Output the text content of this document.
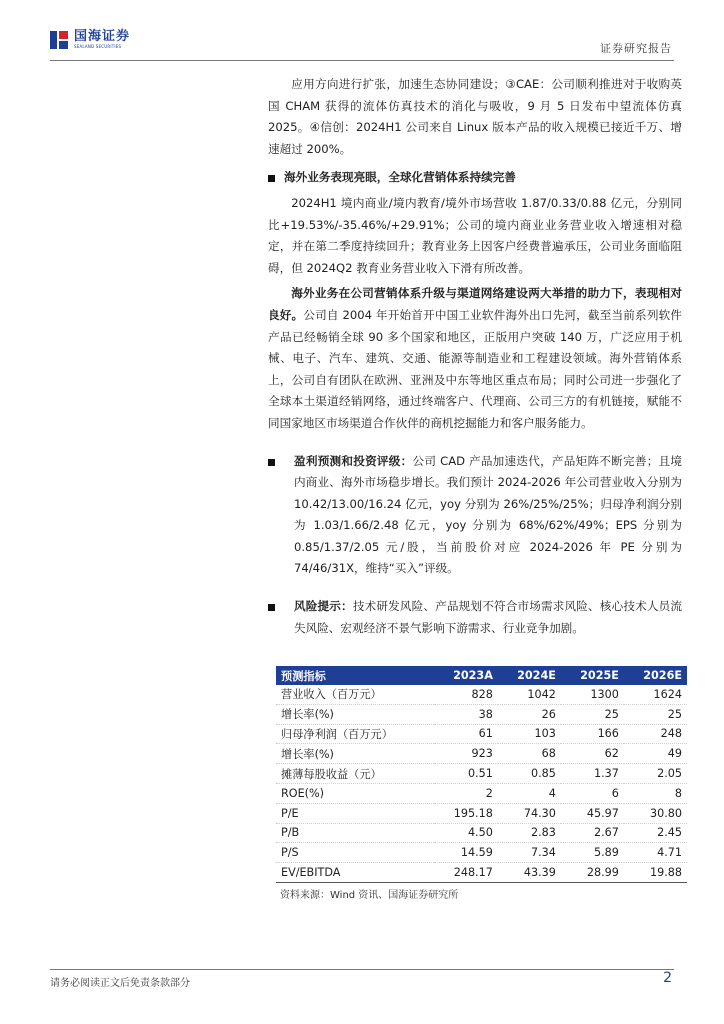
国海证券
SEALAND SECURITIES	证券研究报告

应用方向进行扩张，加速生态协同建设；③CAE：公司顺利推进对于收购英国 CHAM 获得的流体仿真技术的消化与吸收，9 月 5 日发布中望流体仿真 2025。④信创：2024H1 公司来自 Linux 版本产品的收入规模已接近千万、增速超过 200%。

海外业务表现亮眼，全球化营销体系持续完善

2024H1 境内商业/境内教育/境外市场营收 1.87/0.33/0.88 亿元，分别同比+19.53%/-35.46%/+29.91%；公司的境内商业业务营业收入增速相对稳定，并在第二季度持续回升；教育业务上因客户经费普遍承压，公司业务面临阻碍，但 2024Q2 教育业务营业收入下滑有所改善。

海外业务在公司营销体系升级与渠道网络建设两大举措的助力下，表现相对良好。公司自 2004 年开始首开中国工业软件海外出口先河，截至当前系列软件产品已经畅销全球 90 多个国家和地区，正版用户突破 140 万，广泛应用于机械、电子、汽车、建筑、交通、能源等制造业和工程建设领域。海外营销体系上，公司自有团队在欧洲、亚洲及中东等地区重点布局；同时公司进一步强化了全球本土渠道经销网络，通过终端客户、代理商、公司三方的有机链接，赋能不同国家地区市场渠道合作伙伴的商机挖掘能力和客户服务能力。

盈利预测和投资评级：公司 CAD 产品加速迭代，产品矩阵不断完善；且境内商业、海外市场稳步增长。我们预计 2024-2026 年公司营业收入分别为 10.42/13.00/16.24 亿元，yoy 分别为 26%/25%/25%；归母净利润分别为 1.03/1.66/2.48 亿元，yoy 分别为 68%/62%/49%；EPS 分别为 0.85/1.37/2.05 元/股，当前股价对应 2024-2026 年 PE 分别为 74/46/31X，维持“买入”评级。

风险提示：技术研发风险、产品规划不符合市场需求风险、核心技术人员流失风险、宏观经济不景气影响下游需求、行业竞争加剧。

预测指标	2023A	2024E	2025E	2026E
营业收入（百万元）	828	1042	1300	1624
增长率(%)	38	26	25	25
归母净利润（百万元）	61	103	166	248
增长率(%)	923	68	62	49
摊薄每股收益（元）	0.51	0.85	1.37	2.05
ROE(%)	2	4	6	8
P/E	195.18	74.30	45.97	30.80
P/B	4.50	2.83	2.67	2.45
P/S	14.59	7.34	5.89	4.71
EV/EBITDA	248.17	43.39	28.99	19.88
资料来源：Wind 资讯、国海证券研究所
请务必阅读正文后免责条款部分	2
